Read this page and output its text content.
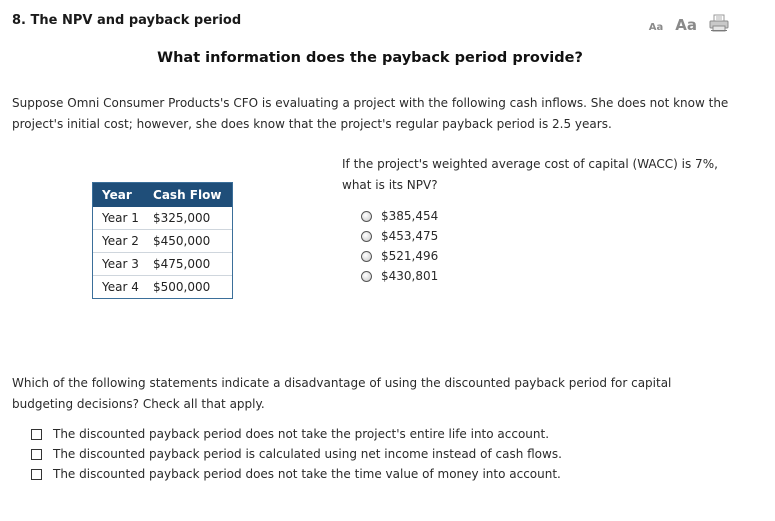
8. The NPV and payback period	Aa Aa
What information does the payback period provide?
Suppose Omni Consumer Products's CFO is evaluating a project with the following cash inflows. She does not know the project's initial cost; however, she does know that the project's regular payback period is 2.5 years.
Year	Cash Flow
Year 1	$325,000
Year 2	$450,000
Year 3	$475,000
Year 4	$500,000
If the project's weighted average cost of capital (WACC) is 7%, what is its NPV?
$385,454
$453,475
$521,496
$430,801
Which of the following statements indicate a disadvantage of using the discounted payback period for capital budgeting decisions? Check all that apply.
The discounted payback period does not take the project's entire life into account.
The discounted payback period is calculated using net income instead of cash flows.
The discounted payback period does not take the time value of money into account.
